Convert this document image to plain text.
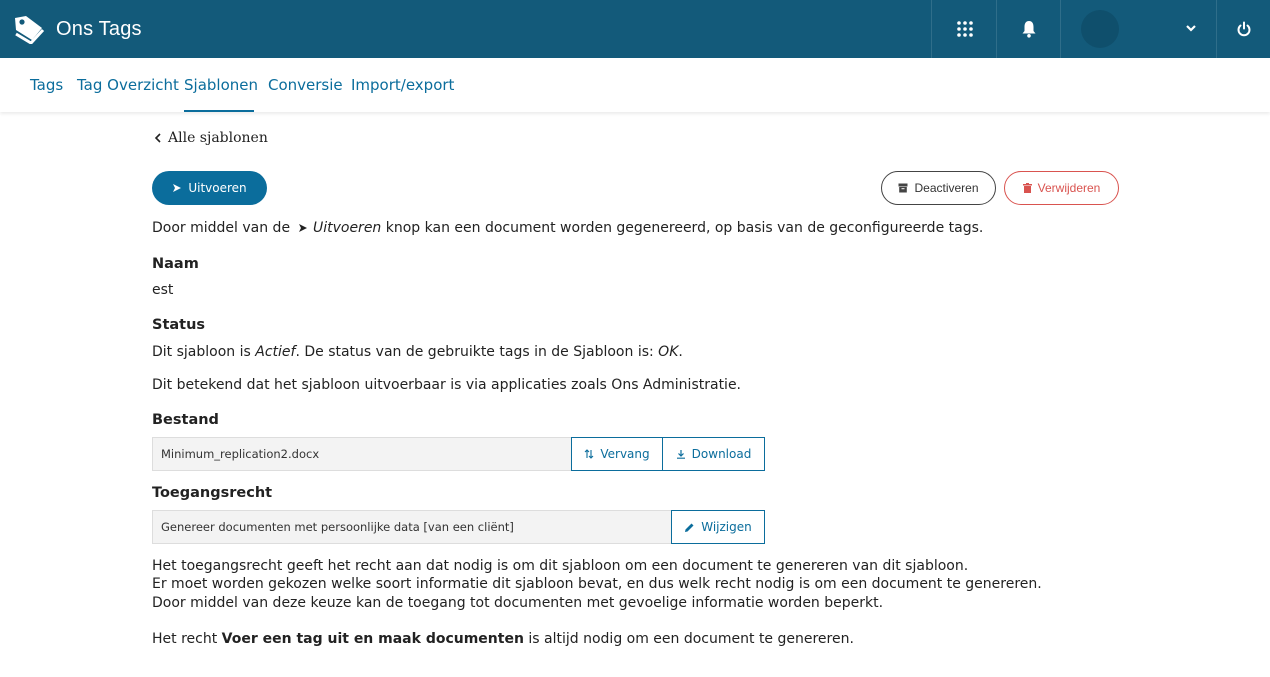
Ons Tags
Tags Tag Overzicht Sjablonen Conversie Import/export
Alle sjablonen
Uitvoeren	Deactiveren	Verwijderen
Door middel van de Uitvoeren knop kan een document worden gegenereerd, op basis van de geconfigureerde tags.
Naam
est
Status
Dit sjabloon is Actief. De status van de gebruikte tags in de Sjabloon is: OK.
Dit betekend dat het sjabloon uitvoerbaar is via applicaties zoals Ons Administratie.
Bestand
Minimum_replication2.docx	Vervang	Download
Toegangsrecht
Genereer documenten met persoonlijke data [van een cliënt]	Wijzigen
Het toegangsrecht geeft het recht aan dat nodig is om dit sjabloon om een document te genereren van dit sjabloon.
Er moet worden gekozen welke soort informatie dit sjabloon bevat, en dus welk recht nodig is om een document te genereren.
Door middel van deze keuze kan de toegang tot documenten met gevoelige informatie worden beperkt.
Het recht Voer een tag uit en maak documenten is altijd nodig om een document te genereren.
